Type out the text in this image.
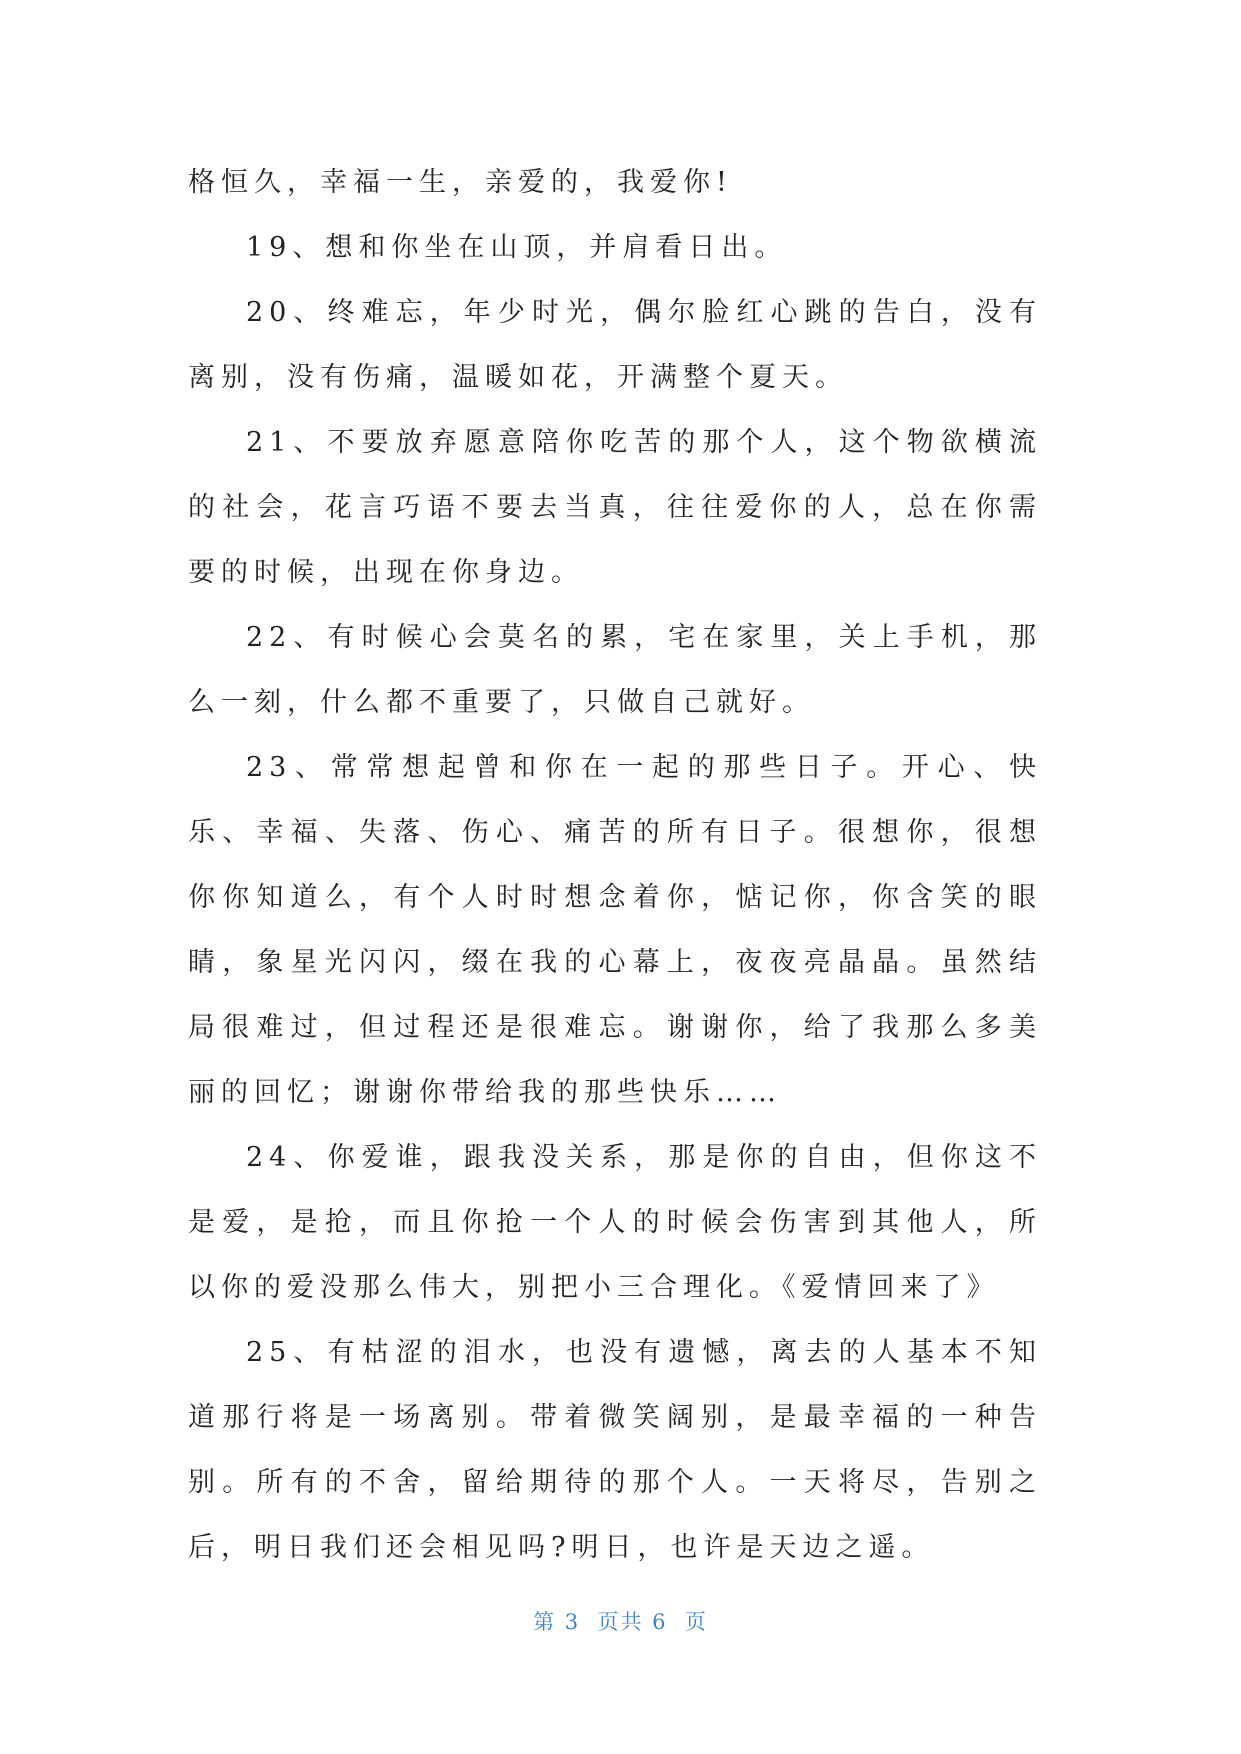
格恒久，幸福一生，亲爱的，我爱你!

19、想和你坐在山顶，并肩看日出。

20、终难忘，年少时光，偶尔脸红心跳的告白，没有离别，没有伤痛，温暖如花，开满整个夏天。

21、不要放弃愿意陪你吃苦的那个人，这个物欲横流的社会，花言巧语不要去当真，往往爱你的人，总在你需要的时候，出现在你身边。

22、有时候心会莫名的累，宅在家里，关上手机，那么一刻，什么都不重要了，只做自己就好。

23、常常想起曾和你在一起的那些日子。开心、快乐、幸福、失落、伤心、痛苦的所有日子。很想你，很想你你知道么，有个人时时想念着你，惦记你，你含笑的眼睛，象星光闪闪，缀在我的心幕上，夜夜亮晶晶。虽然结局很难过，但过程还是很难忘。谢谢你，给了我那么多美丽的回忆；谢谢你带给我的那些快乐……

24、你爱谁，跟我没关系，那是你的自由，但你这不是爱，是抢，而且你抢一个人的时候会伤害到其他人，所以你的爱没那么伟大，别把小三合理化。《爱情回来了》

25、有枯涩的泪水，也没有遗憾，离去的人基本不知道那行将是一场离别。带着微笑阔别，是最幸福的一种告别。所有的不舍，留给期待的那个人。一天将尽，告别之后，明日我们还会相见吗?明日，也许是天边之遥。

第 3  页共 6  页
